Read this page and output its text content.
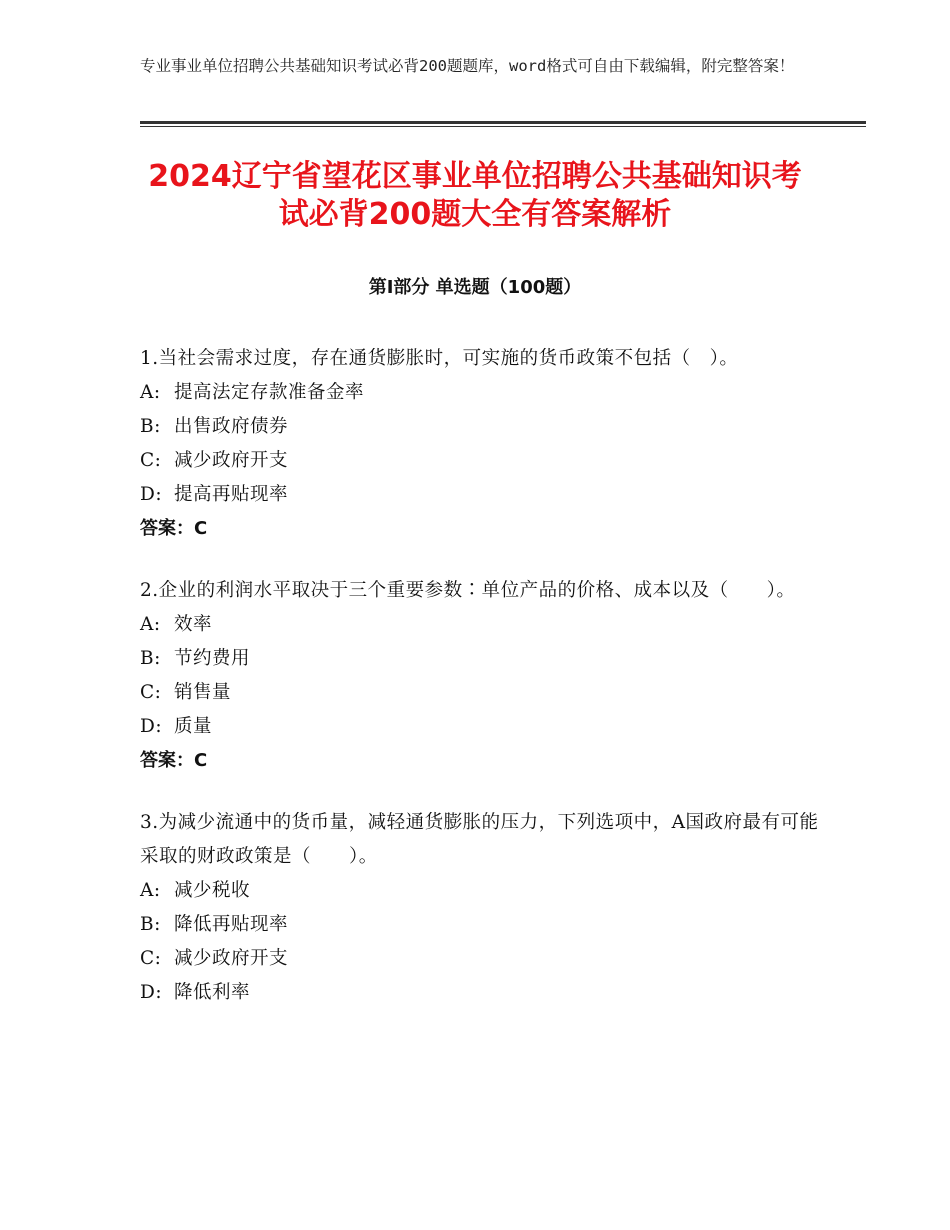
专业事业单位招聘公共基础知识考试必背200题题库，word格式可自由下载编辑，附完整答案！
2024辽宁省望花区事业单位招聘公共基础知识考试必背200题大全有答案解析
第Ⅰ部分 单选题（100题）
1.当社会需求过度，存在通货膨胀时，可实施的货币政策不包括（　）。
A: 提高法定存款准备金率
B: 出售政府债券
C: 减少政府开支
D: 提高再贴现率
答案：C
2.企业的利润水平取决于三个重要参数∶单位产品的价格、成本以及（　　）。
A: 效率
B: 节约费用
C: 销售量
D: 质量
答案：C
3.为减少流通中的货币量，减轻通货膨胀的压力，下列选项中，A国政府最有可能采取的财政政策是（　　）。
A: 减少税收
B: 降低再贴现率
C: 减少政府开支
D: 降低利率
